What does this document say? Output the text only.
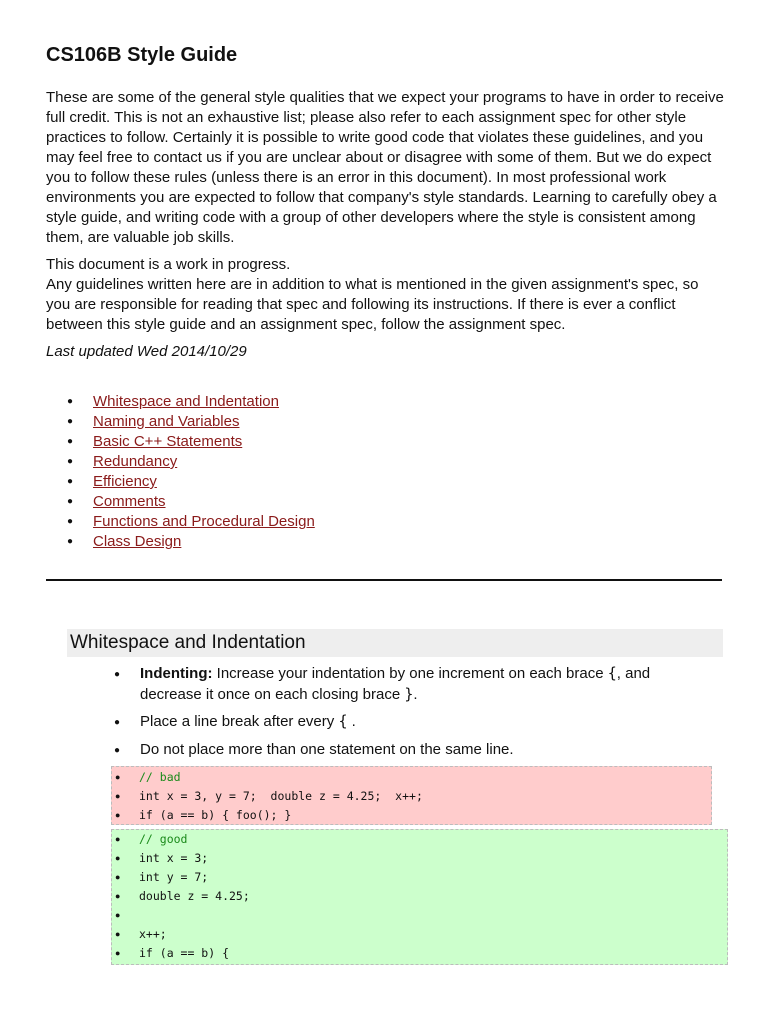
CS106B Style Guide

These are some of the general style qualities that we expect your programs to have in order to receive full credit. This is not an exhaustive list; please also refer to each assignment spec for other style practices to follow. Certainly it is possible to write good code that violates these guidelines, and you may feel free to contact us if you are unclear about or disagree with some of them. But we do expect you to follow these rules (unless there is an error in this document). In most professional work environments you are expected to follow that company's style standards. Learning to carefully obey a style guide, and writing code with a group of other developers where the style is consistent among them, are valuable job skills.

This document is a work in progress.

Any guidelines written here are in addition to what is mentioned in the given assignment's spec, so you are responsible for reading that spec and following its instructions. If there is ever a conflict between this style guide and an assignment spec, follow the assignment spec.

Last updated Wed 2014/10/29
● Whitespace and Indentation
● Naming and Variables
● Basic C++ Statements
● Redundancy
● Efficiency
● Comments
● Functions and Procedural Design
● Class Design
Whitespace and Indentation
●	Indenting: Increase your indentation by one increment on each brace {, and decrease it once on each closing brace }.
●	Place a line break after every { .
●	Do not place more than one statement on the same line.
●	// bad
●	int x = 3, y = 7;  double z = 4.25;  x++;
●	if (a == b) { foo(); }
●	// good
●	int x = 3;
●	int y = 7;
●	double z = 4.25;
●
●	x++;
●	if (a == b) {
